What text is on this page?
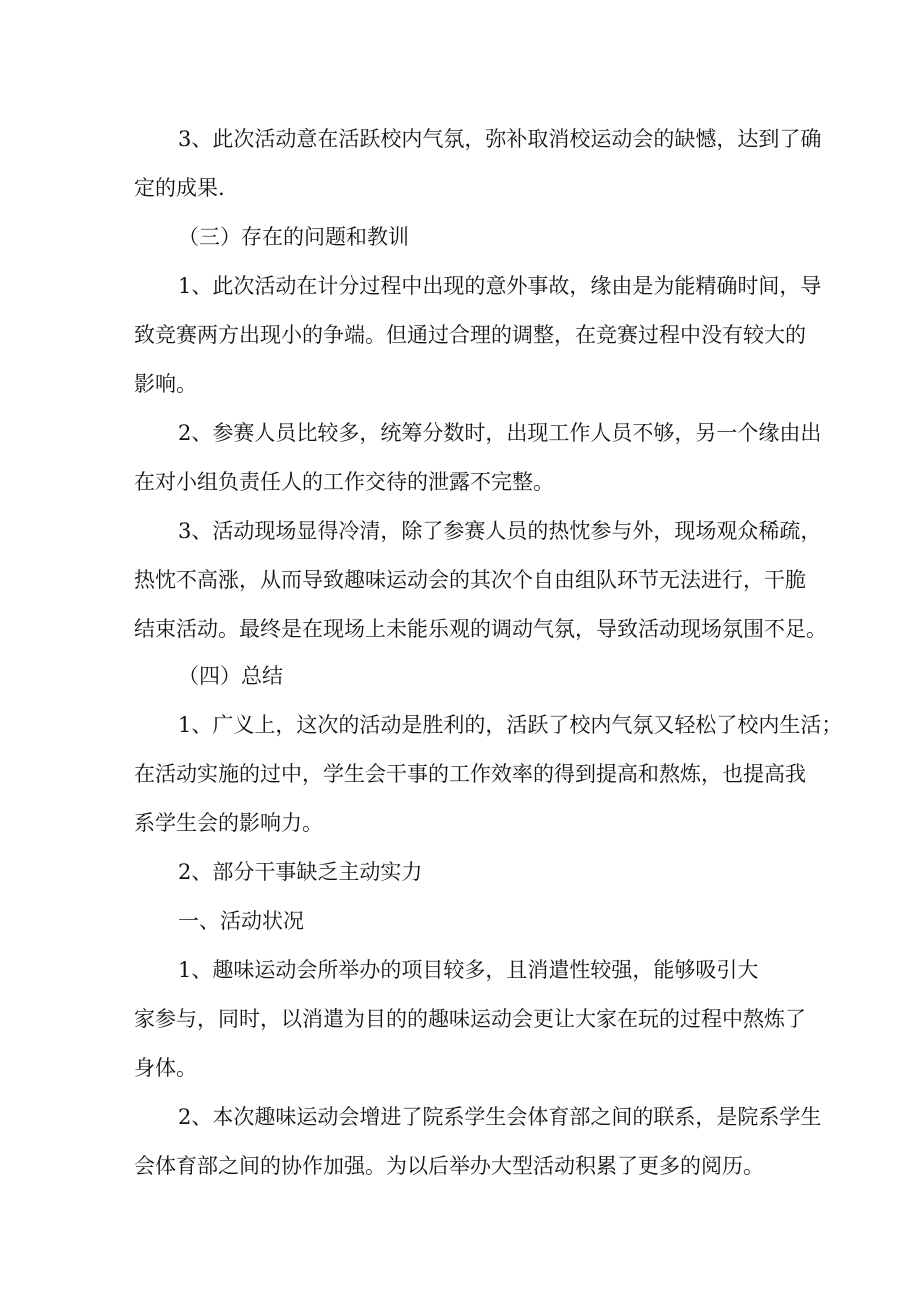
3、此次活动意在活跃校内气氛，弥补取消校运动会的缺憾，达到了确

定的成果.

（三）存在的问题和教训

1、此次活动在计分过程中出现的意外事故，缘由是为能精确时间，导

致竞赛两方出现小的争端。但通过合理的调整，在竞赛过程中没有较大的

影响。

2、参赛人员比较多，统筹分数时，出现工作人员不够，另一个缘由出

在对小组负责任人的工作交待的泄露不完整。

3、活动现场显得冷清，除了参赛人员的热忱参与外，现场观众稀疏，

热忱不高涨，从而导致趣味运动会的其次个自由组队环节无法进行，干脆

结束活动。最终是在现场上未能乐观的调动气氛，导致活动现场氛围不足。

（四）总结

1、广义上，这次的活动是胜利的，活跃了校内气氛又轻松了校内生活；

在活动实施的过中，学生会干事的工作效率的得到提高和熬炼，也提高我

系学生会的影响力。

2、部分干事缺乏主动实力

一、活动状况

1、趣味运动会所举办的项目较多，且消遣性较强，能够吸引大

家参与，同时，以消遣为目的的趣味运动会更让大家在玩的过程中熬炼了

身体。

2、本次趣味运动会增进了院系学生会体育部之间的联系，是院系学生

会体育部之间的协作加强。为以后举办大型活动积累了更多的阅历。
